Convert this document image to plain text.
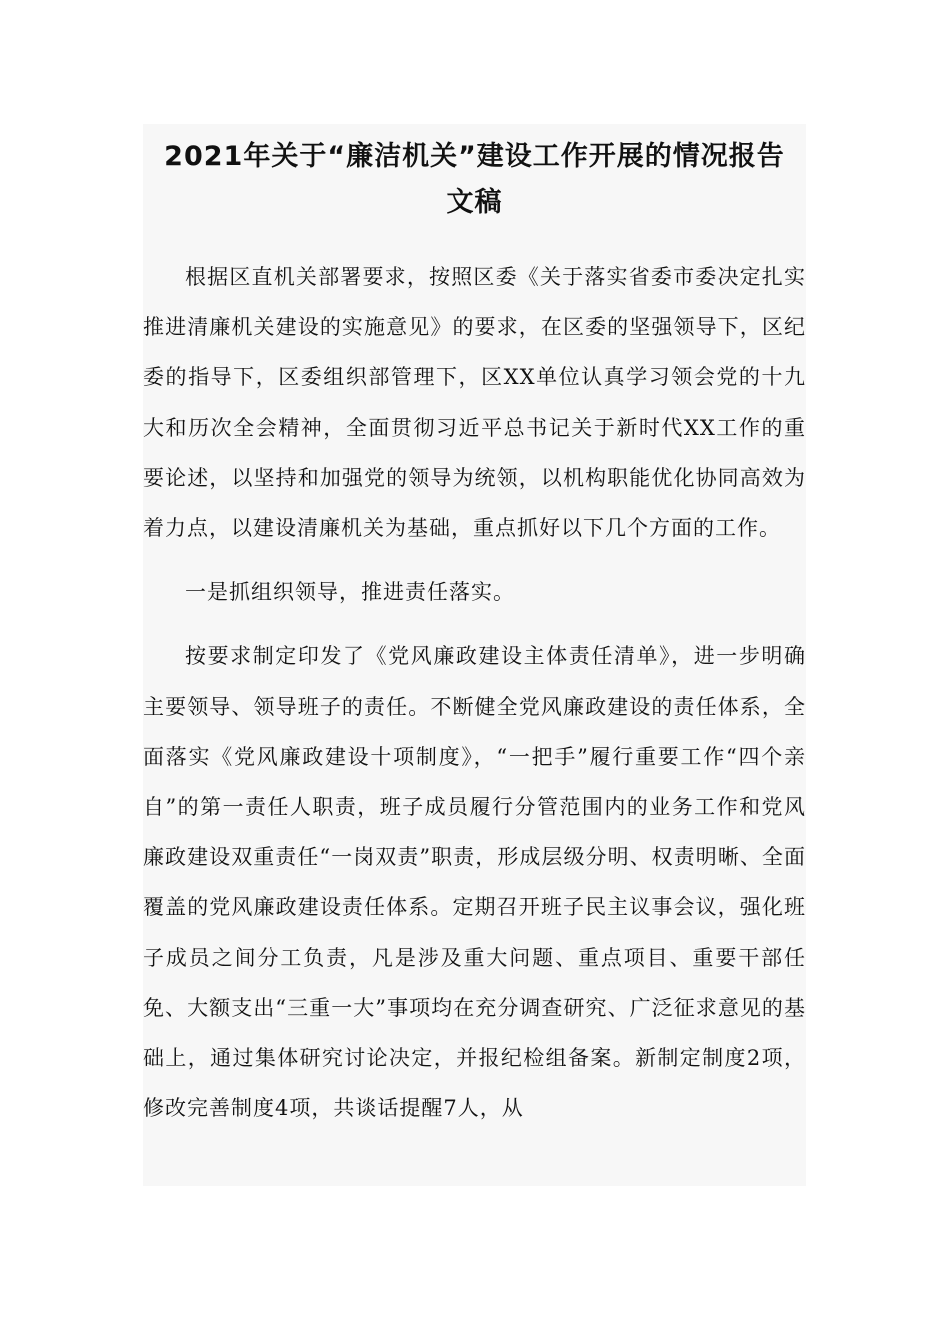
2021年关于“廉洁机关”建设工作开展的情况报告
文稿

根据区直机关部署要求，按照区委《关于落实省委市委决定扎实推进清廉机关建设的实施意见》的要求，在区委的坚强领导下，区纪委的指导下，区委组织部管理下，区XX单位认真学习领会党的十九大和历次全会精神，全面贯彻习近平总书记关于新时代XX工作的重要论述，以坚持和加强党的领导为统领，以机构职能优化协同高效为着力点，以建设清廉机关为基础，重点抓好以下几个方面的工作。

一是抓组织领导，推进责任落实。

按要求制定印发了《党风廉政建设主体责任清单》，进一步明确主要领导、领导班子的责任。不断健全党风廉政建设的责任体系，全面落实《党风廉政建设十项制度》，“一把手”履行重要工作“四个亲自”的第一责任人职责，班子成员履行分管范围内的业务工作和党风廉政建设双重责任“一岗双责”职责，形成层级分明、权责明晰、全面覆盖的党风廉政建设责任体系。定期召开班子民主议事会议，强化班子成员之间分工负责，凡是涉及重大问题、重点项目、重要干部任免、大额支出“三重一大”事项均在充分调查研究、广泛征求意见的基础上，通过集体研究讨论决定，并报纪检组备案。新制定制度2项，修改完善制度4项，共谈话提醒7人，从
